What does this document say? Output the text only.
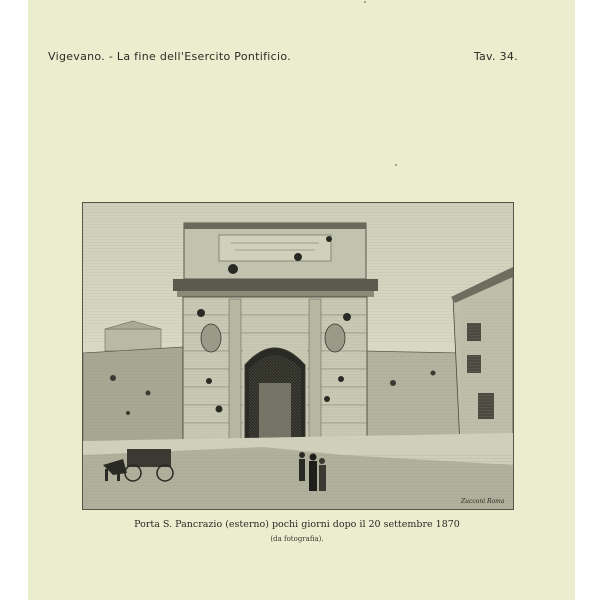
Vigevano. - La fine dell'Esercito Pontificio.	Tav. 34.
Zucconi Roma
Porta S. Pancrazio (esterno) pochi giorni dopo il 20 settembre 1870
(da fotografia).
